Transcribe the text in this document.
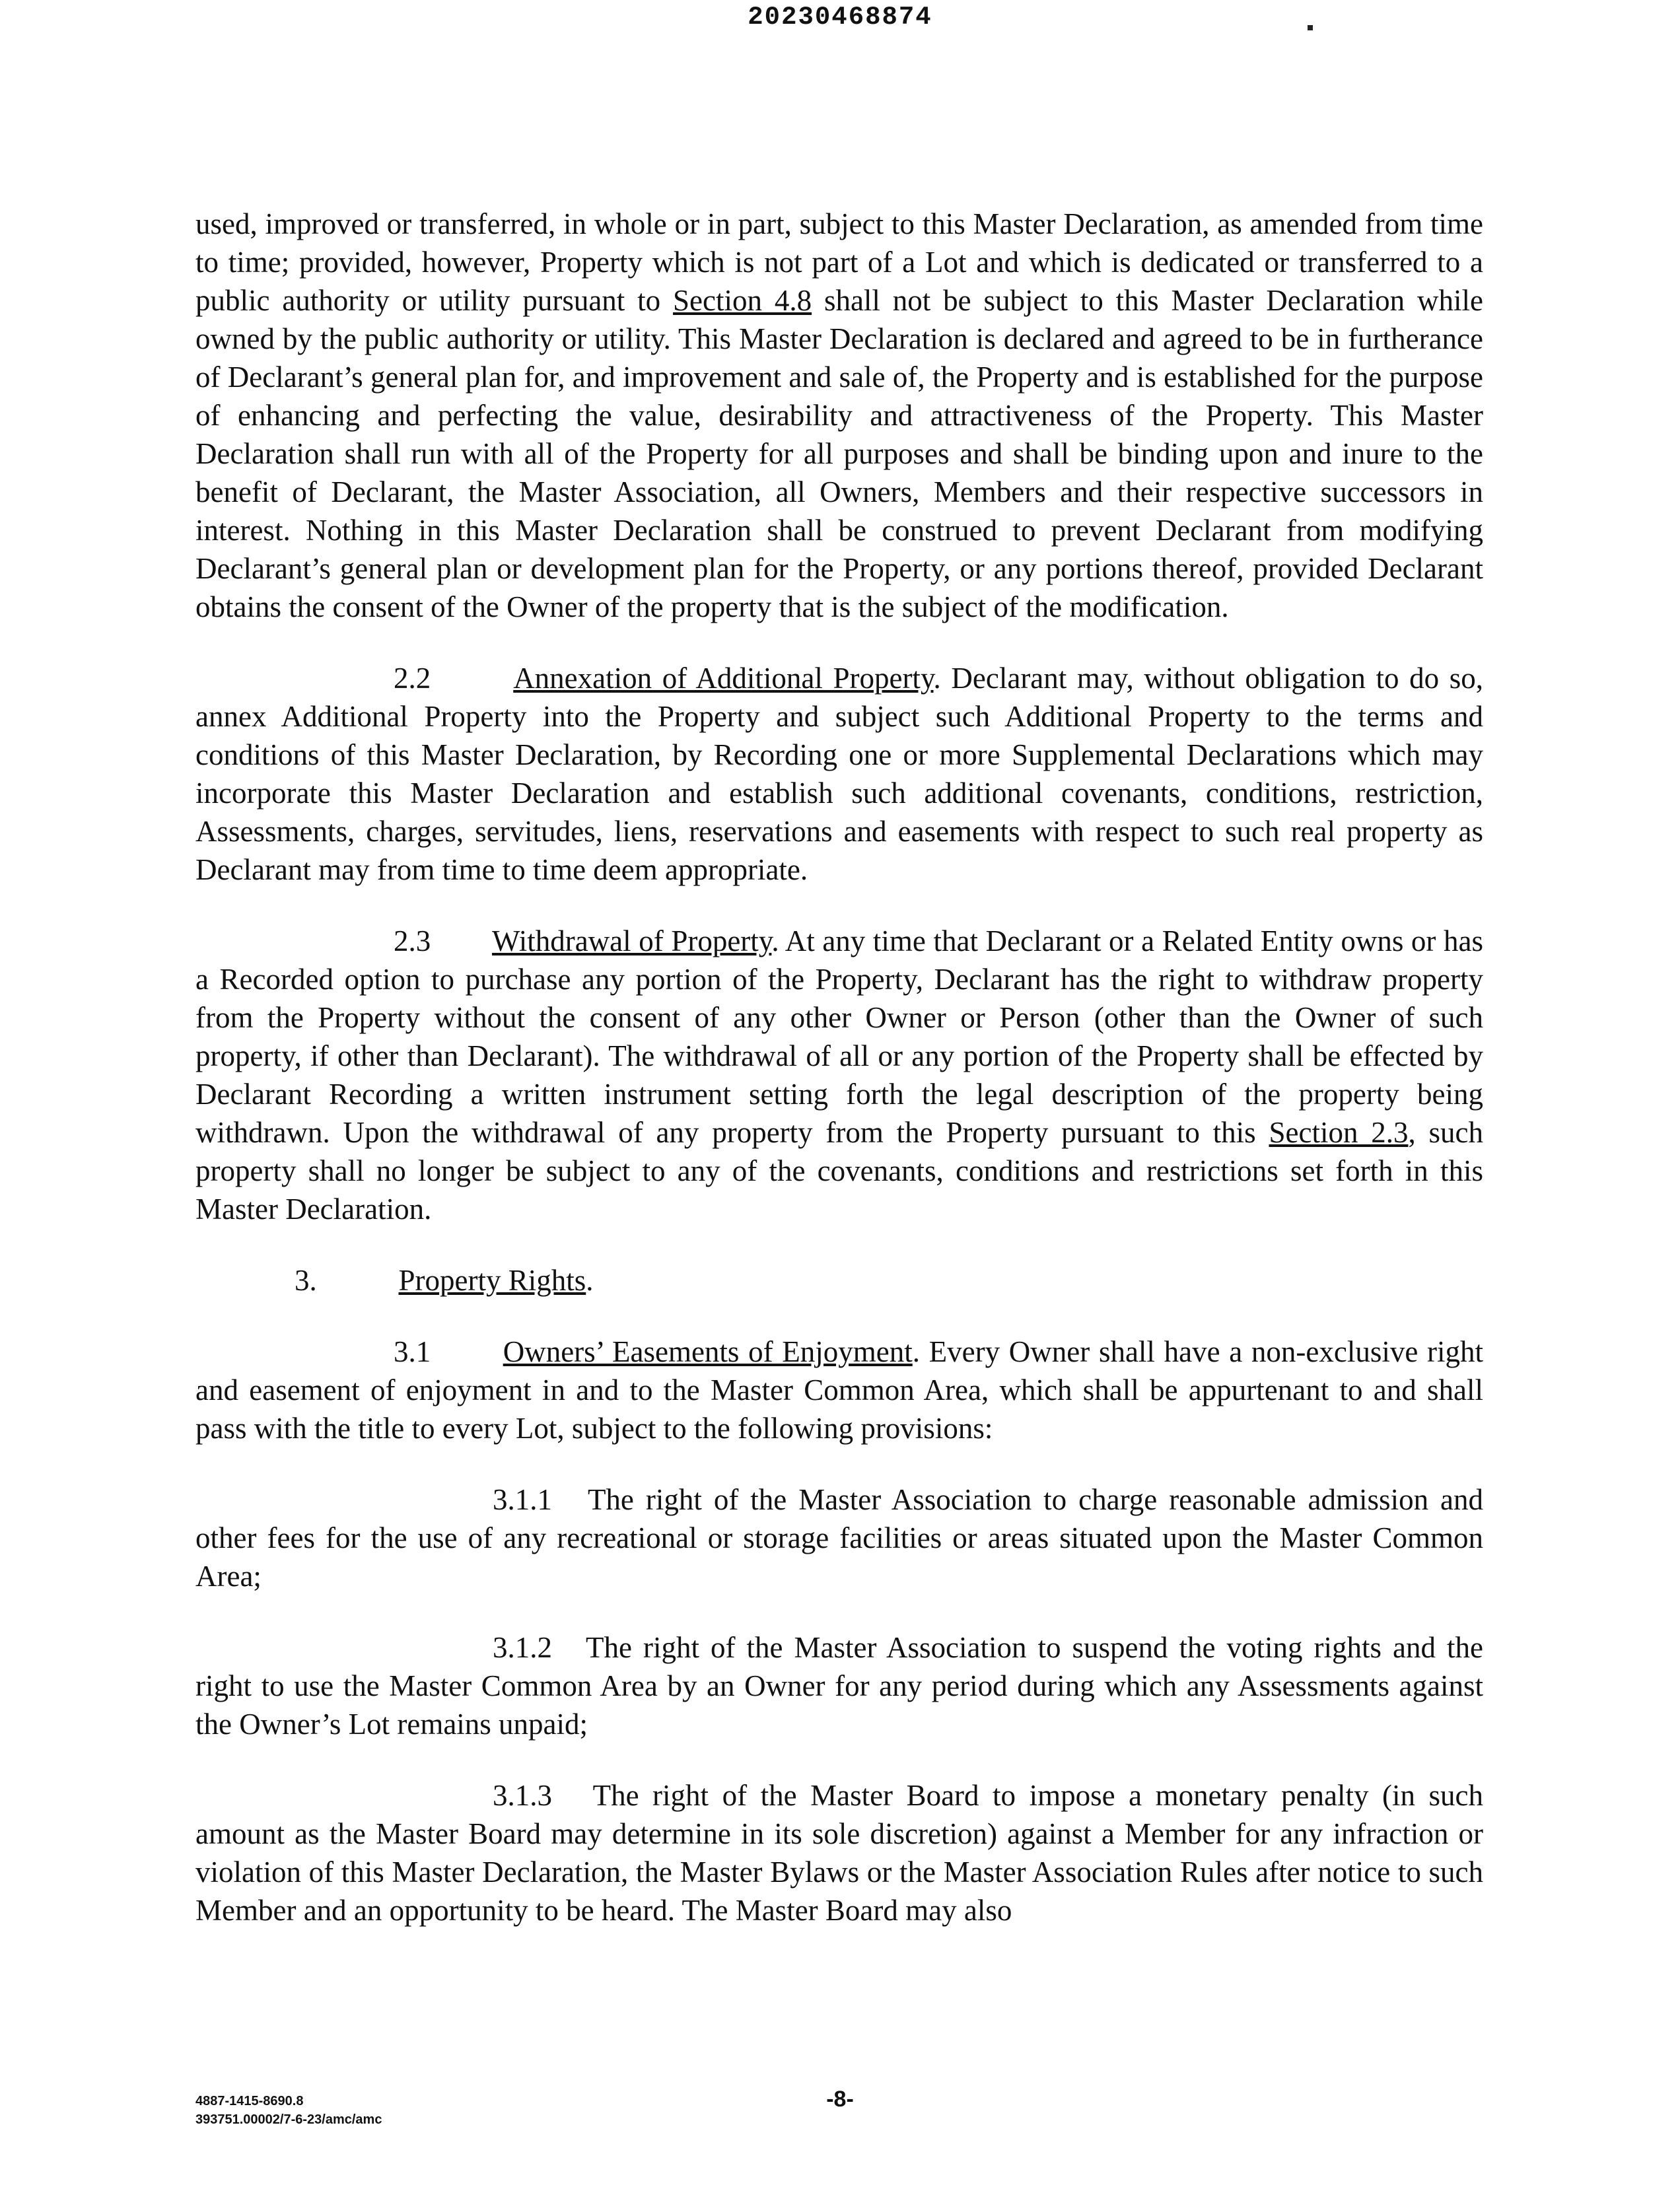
20230468874

used, improved or transferred, in whole or in part, subject to this Master Declaration, as amended from time to time; provided, however, Property which is not part of a Lot and which is dedicated or transferred to a public authority or utility pursuant to Section 4.8 shall not be subject to this Master Declaration while owned by the public authority or utility. This Master Declaration is declared and agreed to be in furtherance of Declarant’s general plan for, and improvement and sale of, the Property and is established for the purpose of enhancing and perfecting the value, desirability and attractiveness of the Property. This Master Declaration shall run with all of the Property for all purposes and shall be binding upon and inure to the benefit of Declarant, the Master Association, all Owners, Members and their respective successors in interest. Nothing in this Master Declaration shall be construed to prevent Declarant from modifying Declarant’s general plan or development plan for the Property, or any portions thereof, provided Declarant obtains the consent of the Owner of the property that is the subject of the modification.

2.2	Annexation of Additional Property. Declarant may, without obligation to do so, annex Additional Property into the Property and subject such Additional Property to the terms and conditions of this Master Declaration, by Recording one or more Supplemental Declarations which may incorporate this Master Declaration and establish such additional covenants, conditions, restriction, Assessments, charges, servitudes, liens, reservations and easements with respect to such real property as Declarant may from time to time deem appropriate.

2.3 Withdrawal of Property. At any time that Declarant or a Related Entity owns or has a Recorded option to purchase any portion of the Property, Declarant has the right to withdraw property from the Property without the consent of any other Owner or Person (other than the Owner of such property, if other than Declarant). The withdrawal of all or any portion of the Property shall be effected by Declarant Recording a written instrument setting forth the legal description of the property being withdrawn. Upon the withdrawal of any property from the Property pursuant to this Section 2.3, such property shall no longer be subject to any of the covenants, conditions and restrictions set forth in this Master Declaration.

3.	Property Rights.

3.1 Owners’ Easements of Enjoyment. Every Owner shall have a non-exclusive right and easement of enjoyment in and to the Master Common Area, which shall be appurtenant to and shall pass with the title to every Lot, subject to the following provisions:

3.1.1 The right of the Master Association to charge reasonable admission and other fees for the use of any recreational or storage facilities or areas situated upon the Master Common Area;

3.1.2 The right of the Master Association to suspend the voting rights and the right to use the Master Common Area by an Owner for any period during which any Assessments against the Owner’s Lot remains unpaid;

3.1.3 The right of the Master Board to impose a monetary penalty (in such amount as the Master Board may determine in its sole discretion) against a Member for any infraction or violation of this Master Declaration, the Master Bylaws or the Master Association Rules after notice to such Member and an opportunity to be heard. The Master Board may also

4887-1415-8690.8
393751.00002/7-6-23/amc/amc
-8-
